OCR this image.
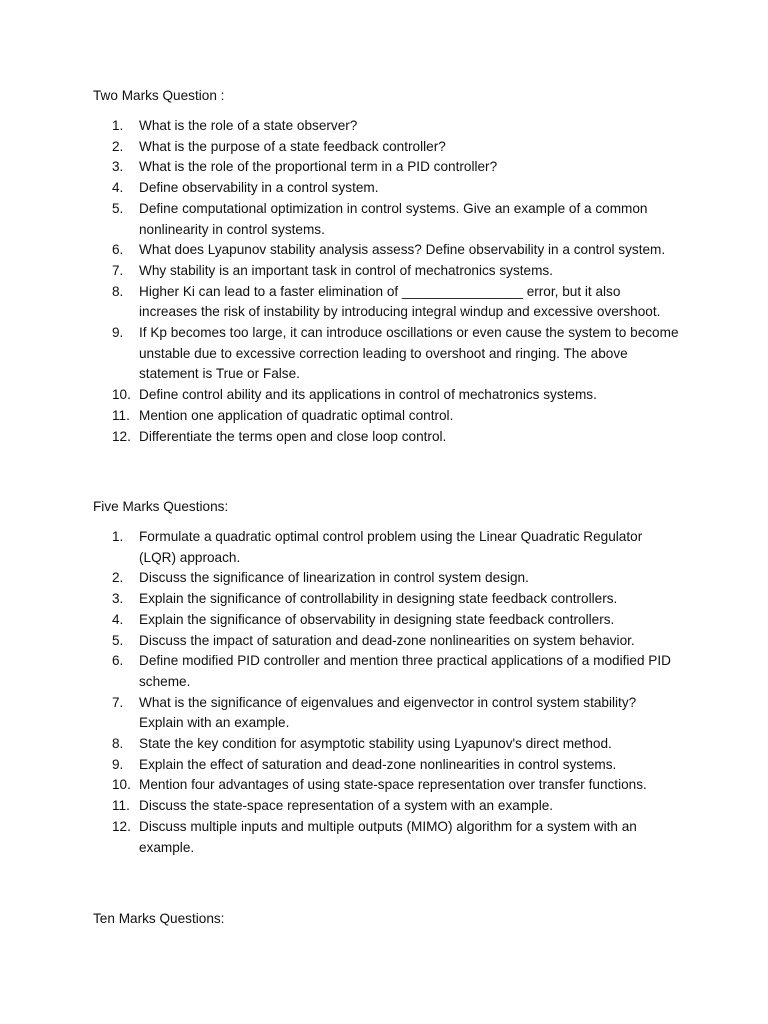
Two Marks Question :
1.	What is the role of a state observer?
2.	What is the purpose of a state feedback controller?
3.	What is the role of the proportional term in a PID controller?
4.	Define observability in a control system.
5.	Define computational optimization in control systems. Give an example of a common nonlinearity in control systems.
6.	What does Lyapunov stability analysis assess? Define observability in a control system.
7.	Why stability is an important task in control of mechatronics systems.
8.	Higher Ki can lead to a faster elimination of ________________ error, but it also increases the risk of instability by introducing integral windup and excessive overshoot.
9.	If Kp becomes too large, it can introduce oscillations or even cause the system to become unstable due to excessive correction leading to overshoot and ringing. The above statement is True or False.
10. Define control ability and its applications in control of mechatronics systems.
11. Mention one application of quadratic optimal control.
12. Differentiate the terms open and close loop control.
Five Marks Questions:
1.	Formulate a quadratic optimal control problem using the Linear Quadratic Regulator (LQR) approach.
2.	Discuss the significance of linearization in control system design.
3.	Explain the significance of controllability in designing state feedback controllers.
4.	Explain the significance of observability in designing state feedback controllers.
5.	Discuss the impact of saturation and dead-zone nonlinearities on system behavior.
6.	Define modified PID controller and mention three practical applications of a modified PID scheme.
7.	What is the significance of eigenvalues and eigenvector in control system stability? Explain with an example.
8.	State the key condition for asymptotic stability using Lyapunov's direct method.
9.	Explain the effect of saturation and dead-zone nonlinearities in control systems.
10. Mention four advantages of using state-space representation over transfer functions.
11. Discuss the state-space representation of a system with an example.
12. Discuss multiple inputs and multiple outputs (MIMO) algorithm for a system with an example.
Ten Marks Questions:
